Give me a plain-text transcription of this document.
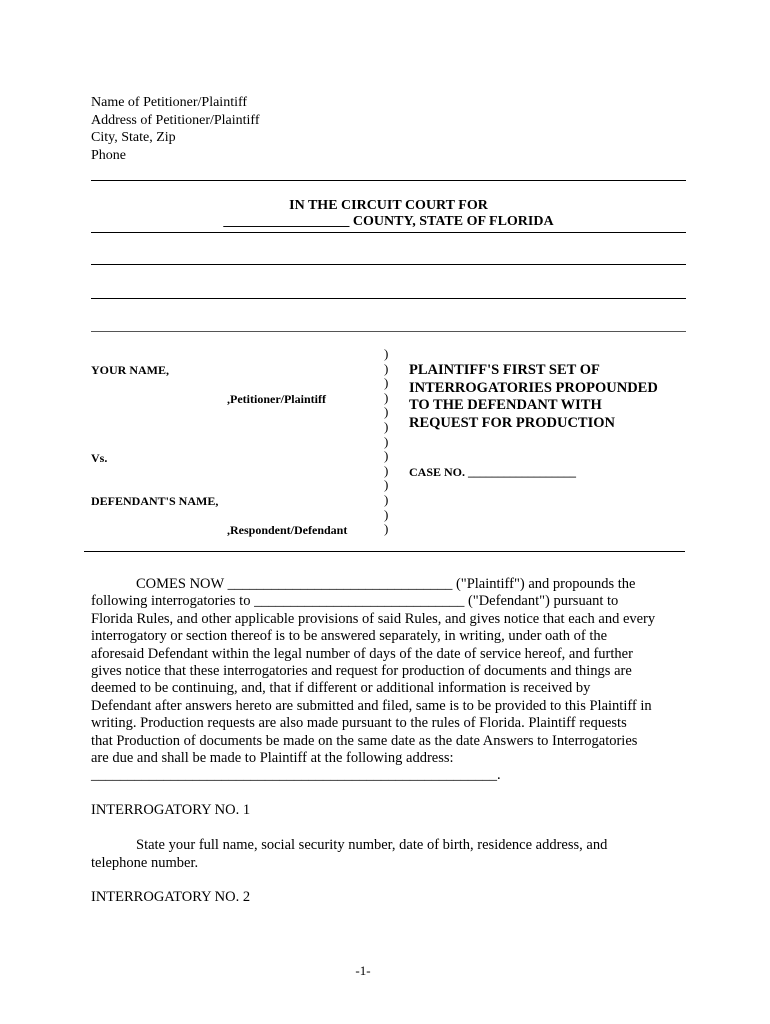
Name of Petitioner/Plaintiff
Address of Petitioner/Plaintiff
City, State, Zip
Phone
IN THE CIRCUIT COURT FOR
__________________ COUNTY, STATE OF FLORIDA
YOUR NAME,
,Petitioner/Plaintiff
Vs.
DEFENDANT'S NAME,
,Respondent/Defendant
)
)
)
)
)
)
)
)
)
)
)
)
)
PLAINTIFF'S FIRST SET OF
INTERROGATORIES PROPOUNDED
TO THE DEFENDANT WITH
REQUEST FOR PRODUCTION
CASE NO. __________________
COMES NOW _______________________________ ("Plaintiff") and propounds the
following interrogatories to _____________________________ ("Defendant") pursuant to
Florida Rules, and other applicable provisions of said Rules, and gives notice that each and every
interrogatory or section thereof is to be answered separately, in writing, under oath of the
aforesaid Defendant within the legal number of days of the date of service hereof, and further
gives notice that these interrogatories and request for production of documents and things are
deemed to be continuing, and, that if different or additional information is received by
Defendant after answers hereto are submitted and filed, same is to be provided to this Plaintiff in
writing. Production requests are also made pursuant to the rules of Florida. Plaintiff requests
that Production of documents be made on the same date as the date Answers to Interrogatories
are due and shall be made to Plaintiff at the following address:
________________________________________________________.
INTERROGATORY NO. 1
State your full name, social security number, date of birth, residence address, and
telephone number.
INTERROGATORY NO. 2
-1-
